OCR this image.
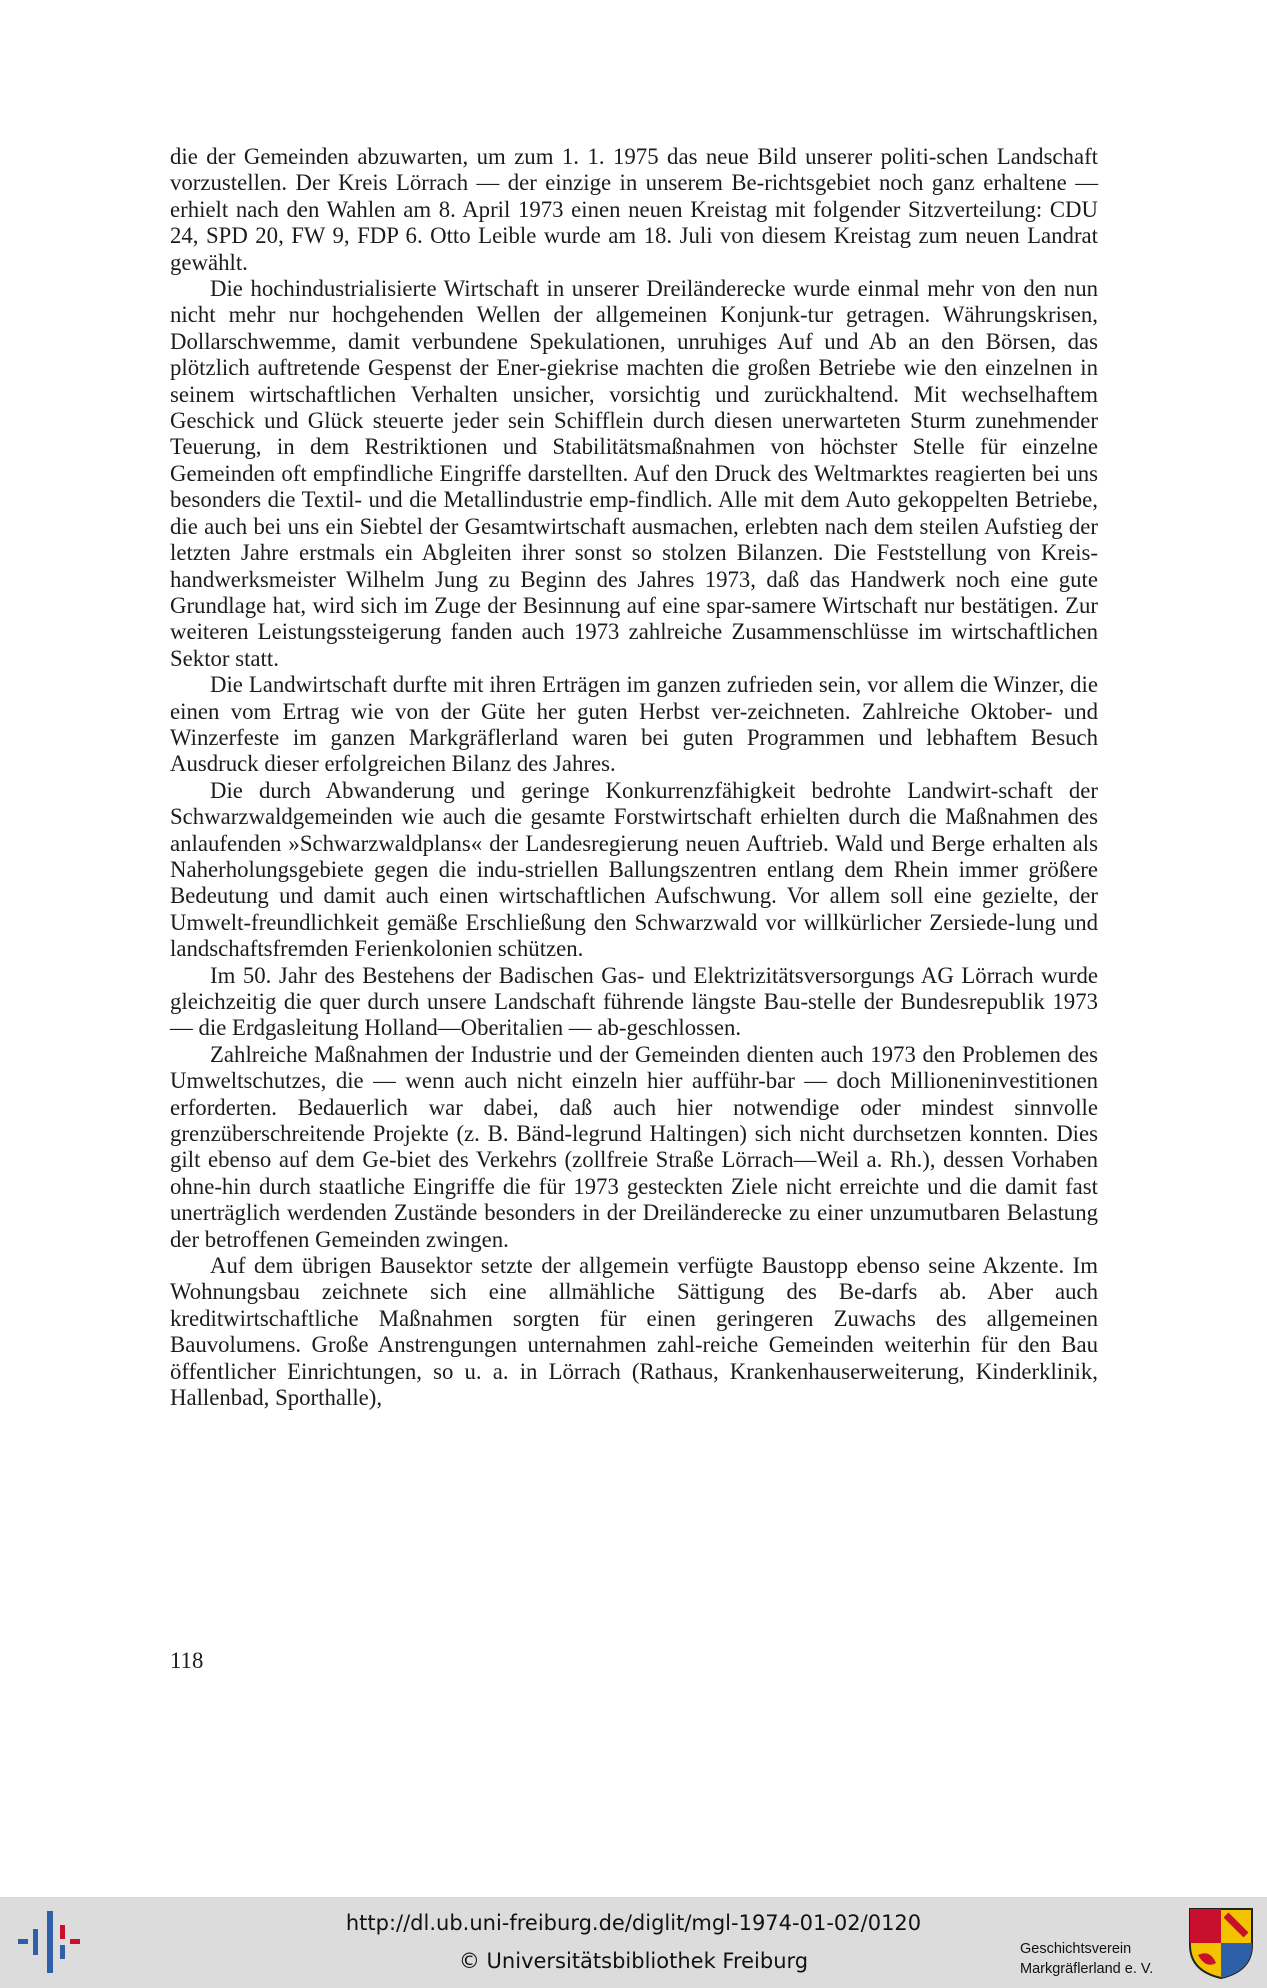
die der Gemeinden abzuwarten, um zum 1. 1. 1975 das neue Bild unserer politi-schen Landschaft vorzustellen. Der Kreis Lörrach — der einzige in unserem Be-richtsgebiet noch ganz erhaltene — erhielt nach den Wahlen am 8. April 1973 einen neuen Kreistag mit folgender Sitzverteilung: CDU 24, SPD 20, FW 9, FDP 6. Otto Leible wurde am 18. Juli von diesem Kreistag zum neuen Landrat gewählt.

Die hochindustrialisierte Wirtschaft in unserer Dreiländerecke wurde einmal mehr von den nun nicht mehr nur hochgehenden Wellen der allgemeinen Konjunk-tur getragen. Währungskrisen, Dollarschwemme, damit verbundene Spekulationen, unruhiges Auf und Ab an den Börsen, das plötzlich auftretende Gespenst der Ener-giekrise machten die großen Betriebe wie den einzelnen in seinem wirtschaftlichen Verhalten unsicher, vorsichtig und zurückhaltend. Mit wechselhaftem Geschick und Glück steuerte jeder sein Schifflein durch diesen unerwarteten Sturm zunehmender Teuerung, in dem Restriktionen und Stabilitätsmaßnahmen von höchster Stelle für einzelne Gemeinden oft empfindliche Eingriffe darstellten. Auf den Druck des Weltmarktes reagierten bei uns besonders die Textil- und die Metallindustrie emp-findlich. Alle mit dem Auto gekoppelten Betriebe, die auch bei uns ein Siebtel der Gesamtwirtschaft ausmachen, erlebten nach dem steilen Aufstieg der letzten Jahre erstmals ein Abgleiten ihrer sonst so stolzen Bilanzen. Die Feststellung von Kreis-handwerksmeister Wilhelm Jung zu Beginn des Jahres 1973, daß das Handwerk noch eine gute Grundlage hat, wird sich im Zuge der Besinnung auf eine spar-samere Wirtschaft nur bestätigen. Zur weiteren Leistungssteigerung fanden auch 1973 zahlreiche Zusammenschlüsse im wirtschaftlichen Sektor statt.

Die Landwirtschaft durfte mit ihren Erträgen im ganzen zufrieden sein, vor allem die Winzer, die einen vom Ertrag wie von der Güte her guten Herbst ver-zeichneten. Zahlreiche Oktober- und Winzerfeste im ganzen Markgräflerland waren bei guten Programmen und lebhaftem Besuch Ausdruck dieser erfolgreichen Bilanz des Jahres.

Die durch Abwanderung und geringe Konkurrenzfähigkeit bedrohte Landwirt-schaft der Schwarzwaldgemeinden wie auch die gesamte Forstwirtschaft erhielten durch die Maßnahmen des anlaufenden »Schwarzwaldplans« der Landesregierung neuen Auftrieb. Wald und Berge erhalten als Naherholungsgebiete gegen die indu-striellen Ballungszentren entlang dem Rhein immer größere Bedeutung und damit auch einen wirtschaftlichen Aufschwung. Vor allem soll eine gezielte, der Umwelt-freundlichkeit gemäße Erschließung den Schwarzwald vor willkürlicher Zersiede-lung und landschaftsfremden Ferienkolonien schützen.

Im 50. Jahr des Bestehens der Badischen Gas- und Elektrizitätsversorgungs AG Lörrach wurde gleichzeitig die quer durch unsere Landschaft führende längste Bau-stelle der Bundesrepublik 1973 — die Erdgasleitung Holland—Oberitalien — ab-geschlossen.

Zahlreiche Maßnahmen der Industrie und der Gemeinden dienten auch 1973 den Problemen des Umweltschutzes, die — wenn auch nicht einzeln hier aufführ-bar — doch Millioneninvestitionen erforderten. Bedauerlich war dabei, daß auch hier notwendige oder mindest sinnvolle grenzüberschreitende Projekte (z. B. Bänd-legrund Haltingen) sich nicht durchsetzen konnten. Dies gilt ebenso auf dem Ge-biet des Verkehrs (zollfreie Straße Lörrach—Weil a. Rh.), dessen Vorhaben ohne-hin durch staatliche Eingriffe die für 1973 gesteckten Ziele nicht erreichte und die damit fast unerträglich werdenden Zustände besonders in der Dreiländerecke zu einer unzumutbaren Belastung der betroffenen Gemeinden zwingen.

Auf dem übrigen Bausektor setzte der allgemein verfügte Baustopp ebenso seine Akzente. Im Wohnungsbau zeichnete sich eine allmähliche Sättigung des Be-darfs ab. Aber auch kreditwirtschaftliche Maßnahmen sorgten für einen geringeren Zuwachs des allgemeinen Bauvolumens. Große Anstrengungen unternahmen zahl-reiche Gemeinden weiterhin für den Bau öffentlicher Einrichtungen, so u. a. in Lörrach (Rathaus, Krankenhauserweiterung, Kinderklinik, Hallenbad, Sporthalle),

118
http://dl.ub.uni-freiburg.de/diglit/mgl-1974-01-02/0120
© Universitätsbibliothek Freiburg	Geschichtsverein
Markgräflerland e. V.
